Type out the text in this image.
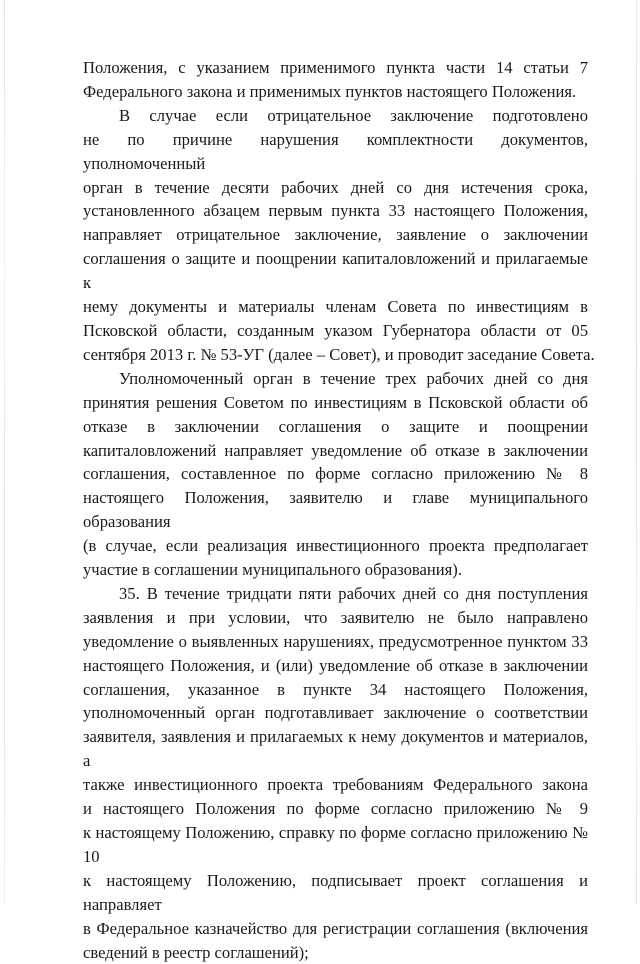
Положения, с указанием применимого пункта части 14 статьи 7
Федерального закона и применимых пунктов настоящего Положения.
В случае если отрицательное заключение подготовлено
не по причине нарушения комплектности документов, уполномоченный
орган в течение десяти рабочих дней со дня истечения срока,
установленного абзацем первым пункта 33 настоящего Положения,
направляет отрицательное заключение, заявление о заключении
соглашения о защите и поощрении капиталовложений и прилагаемые к
нему документы и материалы членам Совета по инвестициям в
Псковской области, созданным указом Губернатора области от 05
сентября 2013 г. № 53-УГ (далее – Совет), и проводит заседание Совета.
Уполномоченный орган в течение трех рабочих дней со дня
принятия решения Советом по инвестициям в Псковской области об
отказе в заключении соглашения о защите и поощрении
капиталовложений направляет уведомление об отказе в заключении
соглашения, составленное по форме согласно приложению № 8
настоящего Положения, заявителю и главе муниципального образования
(в случае, если реализация инвестиционного проекта предполагает
участие в соглашении муниципального образования).
35. В течение тридцати пяти рабочих дней со дня поступления
заявления и при условии, что заявителю не было направлено
уведомление о выявленных нарушениях, предусмотренное пунктом 33
настоящего Положения, и (или) уведомление об отказе в заключении
соглашения, указанное в пункте 34 настоящего Положения,
уполномоченный орган подготавливает заключение о соответствии
заявителя, заявления и прилагаемых к нему документов и материалов, а
также инвестиционного проекта требованиям Федерального закона
и настоящего Положения по форме согласно приложению № 9
к настоящему Положению, справку по форме согласно приложению № 10
к настоящему Положению, подписывает проект соглашения и направляет
в Федеральное казначейство для регистрации соглашения (включения
сведений в реестр соглашений);
